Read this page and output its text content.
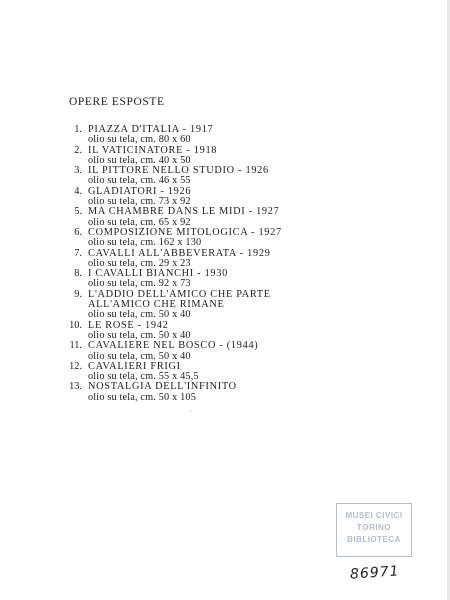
OPERE ESPOSTE
1. PIAZZA D'ITALIA - 1917
olio su tela, cm. 80 x 60
2. IL VATICINATORE - 1918
olio su tela, cm. 40 x 50
3. IL PITTORE NELLO STUDIO - 1926
olio su tela, cm. 46 x 55
4. GLADIATORI - 1926
olio su tela, cm. 73 x 92
5. MA CHAMBRE DANS LE MIDI - 1927
olio su tela, cm. 65 x 92
6. COMPOSIZIONE MITOLOGICA - 1927
olio su tela, cm. 162 x 130
7. CAVALLI ALL'ABBEVERATA - 1929
olio su tela, cm. 29 x 23
8. I CAVALLI BIANCHI - 1930
olio su tela, cm. 92 x 73
9. L'ADDIO DELL'AMICO CHE PARTE
ALL'AMICO CHE RIMANE
olio su tela, cm. 50 x 40
10. LE ROSE - 1942
olio su tela, cm. 50 x 40
11. CAVALIERE NEL BOSCO - (1944)
olio su tela, cm. 50 x 40
12. CAVALIERI FRIGI
olio su tela, cm. 55 x 45,5
13. NOSTALGIA DELL'INFINITO
olio su tela, cm. 50 x 105
,
ᶦ
MUSEI CIVICI
TORINO
BIBLIOTECA
86971
